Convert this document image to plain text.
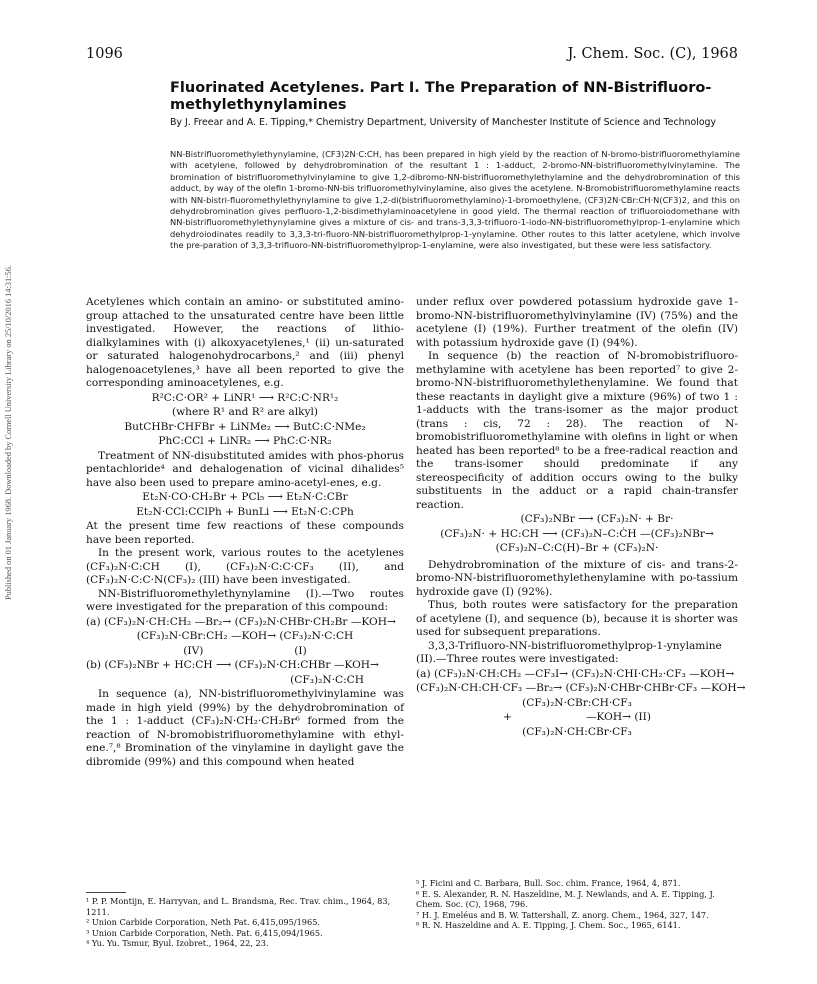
Published on 01 January 1968. Downloaded by Cornell University Library on 25/10/2016 14:31:56.
1096	J. Chem. Soc. (C), 1968
Fluorinated Acetylenes. Part I. The Preparation of NN-Bistrifluoro-methylethynylamines
By J. Freear and A. E. Tipping,* Chemistry Department, University of Manchester Institute of Science and Technology
NN-Bistrifluoromethylethynylamine, (CF3)2N·C:CH, has been prepared in high yield by the reaction of N-bromo-bistrifluoromethylamine with acetylene, followed by dehydrobromination of the resultant 1 : 1-adduct, 2-bromo-NN-bistrifluoromethylvinylamine. The bromination of bistrifluoromethylvinylamine to give 1,2-dibromo-NN-bistrifluoromethylethylamine and the dehydrobromination of this adduct, by way of the olefin 1-bromo-NN-bis trifluoromethylvinylamine, also gives the acetylene. N-Bromobistrifluoromethylamine reacts with NN-bistri-fluoromethylethynylamine to give 1,2-di(bistrifluoromethylamino)-1-bromoethylene, (CF3)2N·CBr:CH·N(CF3)2, and this on dehydrobromination gives perfluoro-1,2-bisdimethylaminoacetylene in good yield. The thermal reaction of trifluoroiodomethane with NN-bistrifluoromethylethynylamine gives a mixture of cis- and trans-3,3,3-trifluoro-1-iodo-NN-bistrifluoromethylprop-1-enylamine which dehydroiodinates readily to 3,3,3-tri-fluoro-NN-bistrifluoromethylprop-1-ynylamine. Other routes to this latter acetylene, which involve the pre-paration of 3,3,3-trifluoro-NN-bistrifluoromethylprop-1-enylamine, were also investigated, but these were less satisfactory.

Acetylenes which contain an amino- or substituted amino-group attached to the unsaturated centre have been little investigated. However, the reactions of lithio-dialkylamines with (i) alkoxyacetylenes,¹ (ii) un-saturated or saturated halogenohydrocarbons,² and (iii) phenyl halogenoacetylenes,³ have all been reported to give the corresponding aminoacetylenes, e.g.

R²C:C·OR² + LiNR¹ ⟶ R²C:C·NR¹₂
(where R¹ and R² are alkyl)
ButCHBr·CHFBr + LiNMe₂ ⟶ ButC:C·NMe₂
PhC:CCl + LiNR₂ ⟶ PhC:C·NR₂

Treatment of NN-disubstituted amides with phos-phorus pentachloride⁴ and dehalogenation of vicinal dihalides⁵ have also been used to prepare amino-acetyl-enes, e.g.

Et₂N·CO·CH₂Br + PCl₅ ⟶ Et₂N·C:CBr
Et₂N·CCl:CClPh + BunLi ⟶ Et₂N·C:CPh

At the present time few reactions of these compounds have been reported.

In the present work, various routes to the acetylenes (CF₃)₂N·C:CH (I), (CF₃)₂N·C:C·CF₃ (II), and (CF₃)₂N·C:C·N(CF₃)₂ (III) have been investigated.

NN-Bistrifluoromethylethynylamine (I).—Two routes were investigated for the preparation of this compound:

(a) (CF₃)₂N·CH:CH₂ —Br₂→ (CF₃)₂N·CHBr·CH₂Br —KOH→
(CF₃)₂N·CBr:CH₂ —KOH→ (CF₃)₂N·C:CH
(IV)                           (I)
(b) (CF₃)₂NBr + HC:CH ⟶ (CF₃)₂N·CH:CHBr —KOH→
(CF₃)₂N·C:CH

In sequence (a), NN-bistrifluoromethylvinylamine was made in high yield (99%) by the dehydrobromination of the 1 : 1-adduct (CF₃)₂N·CH₂·CH₂Br⁶ formed from the reaction of N-bromobistrifluoromethylamine with ethyl-ene.⁷,⁸ Bromination of the vinylamine in daylight gave the dibromide (99%) and this compound when heated

under reflux over powdered potassium hydroxide gave 1-bromo-NN-bistrifluoromethylvinylamine (IV) (75%) and the acetylene (I) (19%). Further treatment of the olefin (IV) with potassium hydroxide gave (I) (94%).

In sequence (b) the reaction of N-bromobistrifluoro-methylamine with acetylene has been reported⁷ to give 2-bromo-NN-bistrifluoromethylethenylamine. We found that these reactants in daylight give a mixture (96%) of two 1 : 1-adducts with the trans-isomer as the major product (trans : cis, 72 : 28). The reaction of N-bromobistrifluoromethylamine with olefins in light or when heated has been reported⁸ to be a free-radical reaction and the trans-isomer should predominate if any stereospecificity of addition occurs owing to the bulky substituents in the adduct or a rapid chain-transfer reaction.

(CF₃)₂NBr ⟶ (CF₃)₂N· + Br·
(CF₃)₂N· + HC:CH ⟶ (CF₃)₂N–C:ĊH —(CF₃)₂NBr→
(CF₃)₂N–C:C(H)–Br + (CF₃)₂N·

Dehydrobromination of the mixture of cis- and trans-2-bromo-NN-bistrifluoromethylethenylamine with po-tassium hydroxide gave (I) (92%).

Thus, both routes were satisfactory for the preparation of acetylene (I), and sequence (b), because it is shorter was used for subsequent preparations.

3,3,3-Trifluoro-NN-bistrifluoromethylprop-1-ynylamine (II).—Three routes were investigated:

(a) (CF₃)₂N·CH:CH₂ —CF₃I→ (CF₃)₂N·CHI·CH₂·CF₃ —KOH→
(CF₃)₂N·CH:CH·CF₃ —Br₂→ (CF₃)₂N·CHBr·CHBr·CF₃ —KOH→
(CF₃)₂N·CBr:CH·CF₃
+                      —KOH→ (II)
(CF₃)₂N·CH:CBr·CF₃

¹ P. P. Montijn, E. Harryvan, and L. Brandsma, Rec. Trav. chim., 1964, 83, 1211.

² Union Carbide Corporation, Neth Pat. 6,415,095/1965.

³ Union Carbide Corporation, Neth. Pat. 6,415,094/1965.

⁴ Yu. Yu. Tsmur, Byul. Izobret., 1964, 22, 23.

⁵ J. Ficini and C. Barbara, Bull. Soc. chim. France, 1964, 4, 871.

⁶ E. S. Alexander, R. N. Haszeldine, M. J. Newlands, and A. E. Tipping, J. Chem. Soc. (C), 1968, 796.

⁷ H. J. Emeléus and B. W. Tattershall, Z. anorg. Chem., 1964, 327, 147.

⁸ R. N. Haszeldine and A. E. Tipping, J. Chem. Soc., 1965, 6141.
